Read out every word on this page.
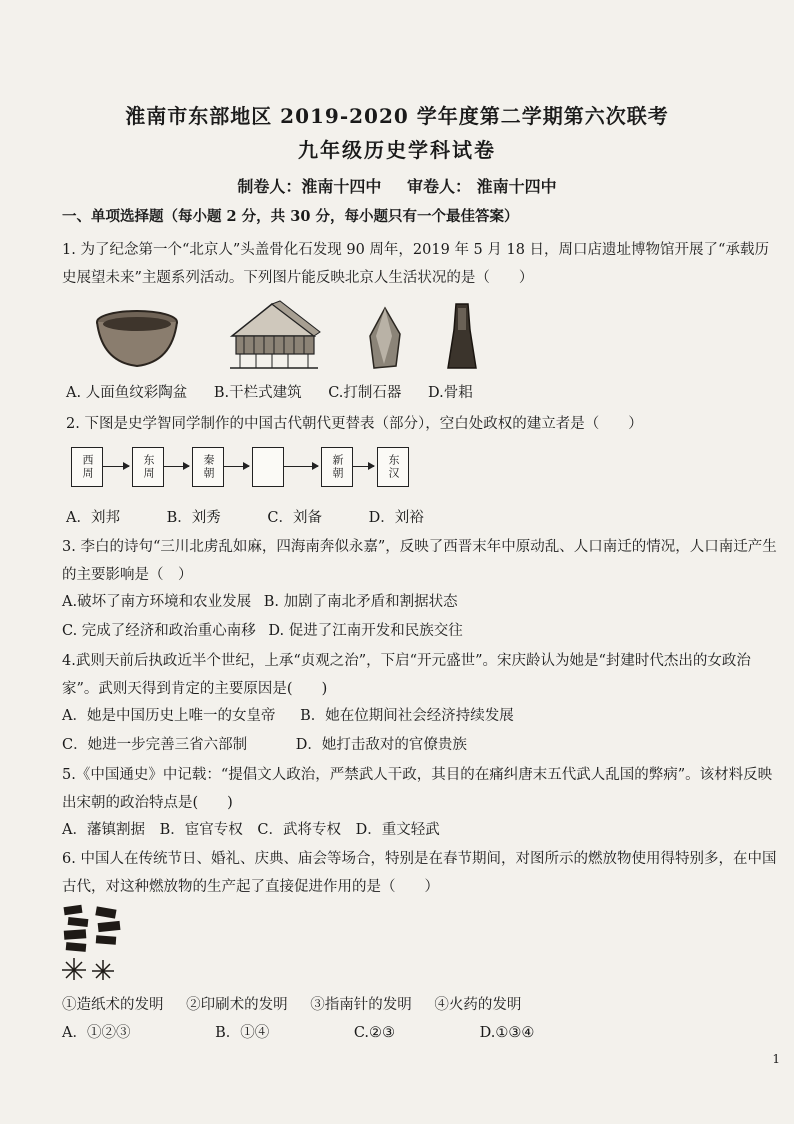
淮南市东部地区 2019-2020 学年度第二学期第六次联考
九年级历史学科试卷
制卷人：淮南十四中 审卷人： 淮南十四中
一、单项选择题（每小题 2 分，共 30 分，每小题只有一个最佳答案）
1. 为了纪念第一个“北京人”头盖骨化石发现 90 周年，2019 年 5 月 18 日，周口店遗址博物馆开展了“承载历史展望未来”主题系列活动。下列图片能反映北京人生活状况的是（　　）
A. 人面鱼纹彩陶盆 B.干栏式建筑 C.打制石器 D.骨耜
2. 下图是史学智同学制作的中国古代朝代更替表（部分），空白处政权的建立者是（　　）
西周	东周	秦朝	新朝	东汉
A．刘邦	B．刘秀	C．刘备	D．刘裕
3. 李白的诗句“三川北虏乱如麻，四海南奔似永嘉”，反映了西晋末年中原动乱、人口南迁的情况，人口南迁产生的主要影响是（　）
A.破坏了南方环境和农业发展 B. 加剧了南北矛盾和割据状态
C. 完成了经济和政治重心南移 D. 促进了江南开发和民族交往
4.武则天前后执政近半个世纪，上承“贞观之治”，下启“开元盛世”。宋庆龄认为她是“封建时代杰出的女政治家”。武则天得到肯定的主要原因是(　　)
A．她是中国历史上唯一的女皇帝 B．她在位期间社会经济持续发展
C．她进一步完善三省六部制	D．她打击敌对的官僚贵族
5.《中国通史》中记载：“提倡文人政治，严禁武人干政，其目的在痛纠唐末五代武人乱国的弊病”。该材料反映出宋朝的政治特点是(　　)
A．藩镇割据 B．宦官专权 C．武将专权 D．重文轻武
6. 中国人在传统节日、婚礼、庆典、庙会等场合，特别是在春节期间，对图所示的燃放物使用得特别多，在中国古代，对这种燃放物的生产起了直接促进作用的是（　　）
①造纸术的发明 ②印刷术的发明 ③指南针的发明 ④火药的发明
A．①②③	B．①④	C.②③	D.①③④
1
